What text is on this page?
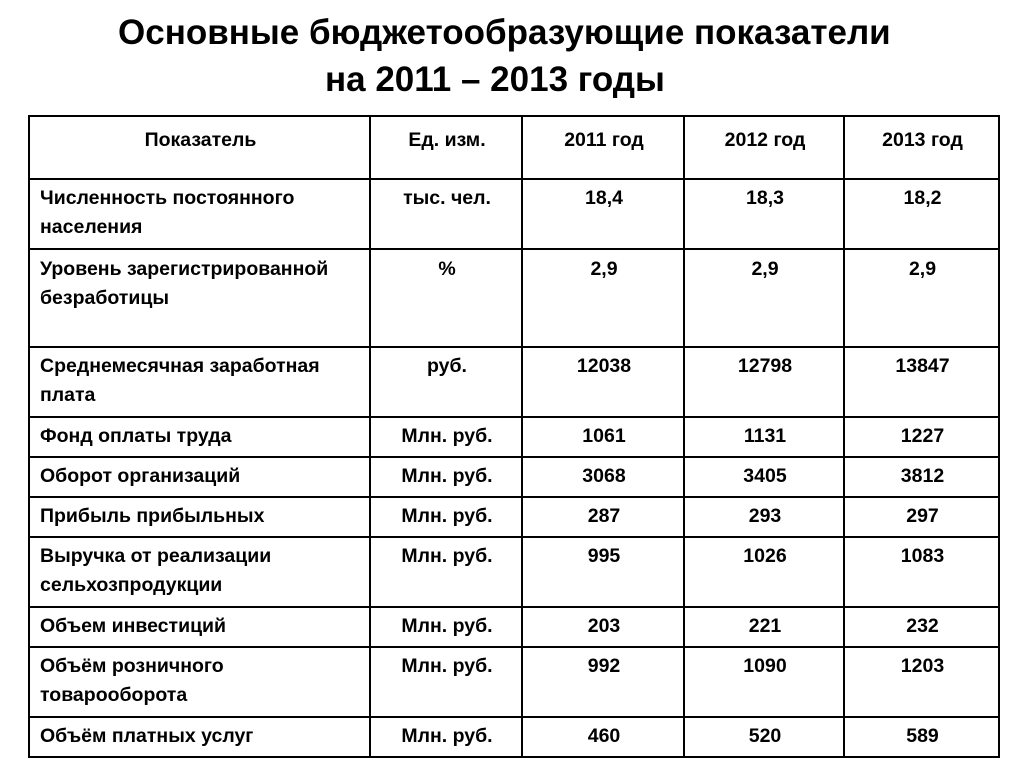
Основные бюджетообразующие показатели
на 2011 – 2013 годы
Показатель	Ед. изм.	2011 год	2012 год	2013 год
Численность постоянного населения	тыс. чел.	18,4	18,3	18,2
Уровень зарегистрированной безработицы	%	2,9	2,9	2,9
Среднемесячная заработная плата	руб.	12038	12798	13847
Фонд оплаты труда	Млн. руб.	1061	1131	1227
Оборот организаций	Млн. руб.	3068	3405	3812
Прибыль прибыльных	Млн. руб.	287	293	297
Выручка от реализации сельхозпродукции	Млн. руб.	995	1026	1083
Объем инвестиций	Млн. руб.	203	221	232
Объём розничного товарооборота	Млн. руб.	992	1090	1203
Объём платных услуг	Млн. руб.	460	520	589
